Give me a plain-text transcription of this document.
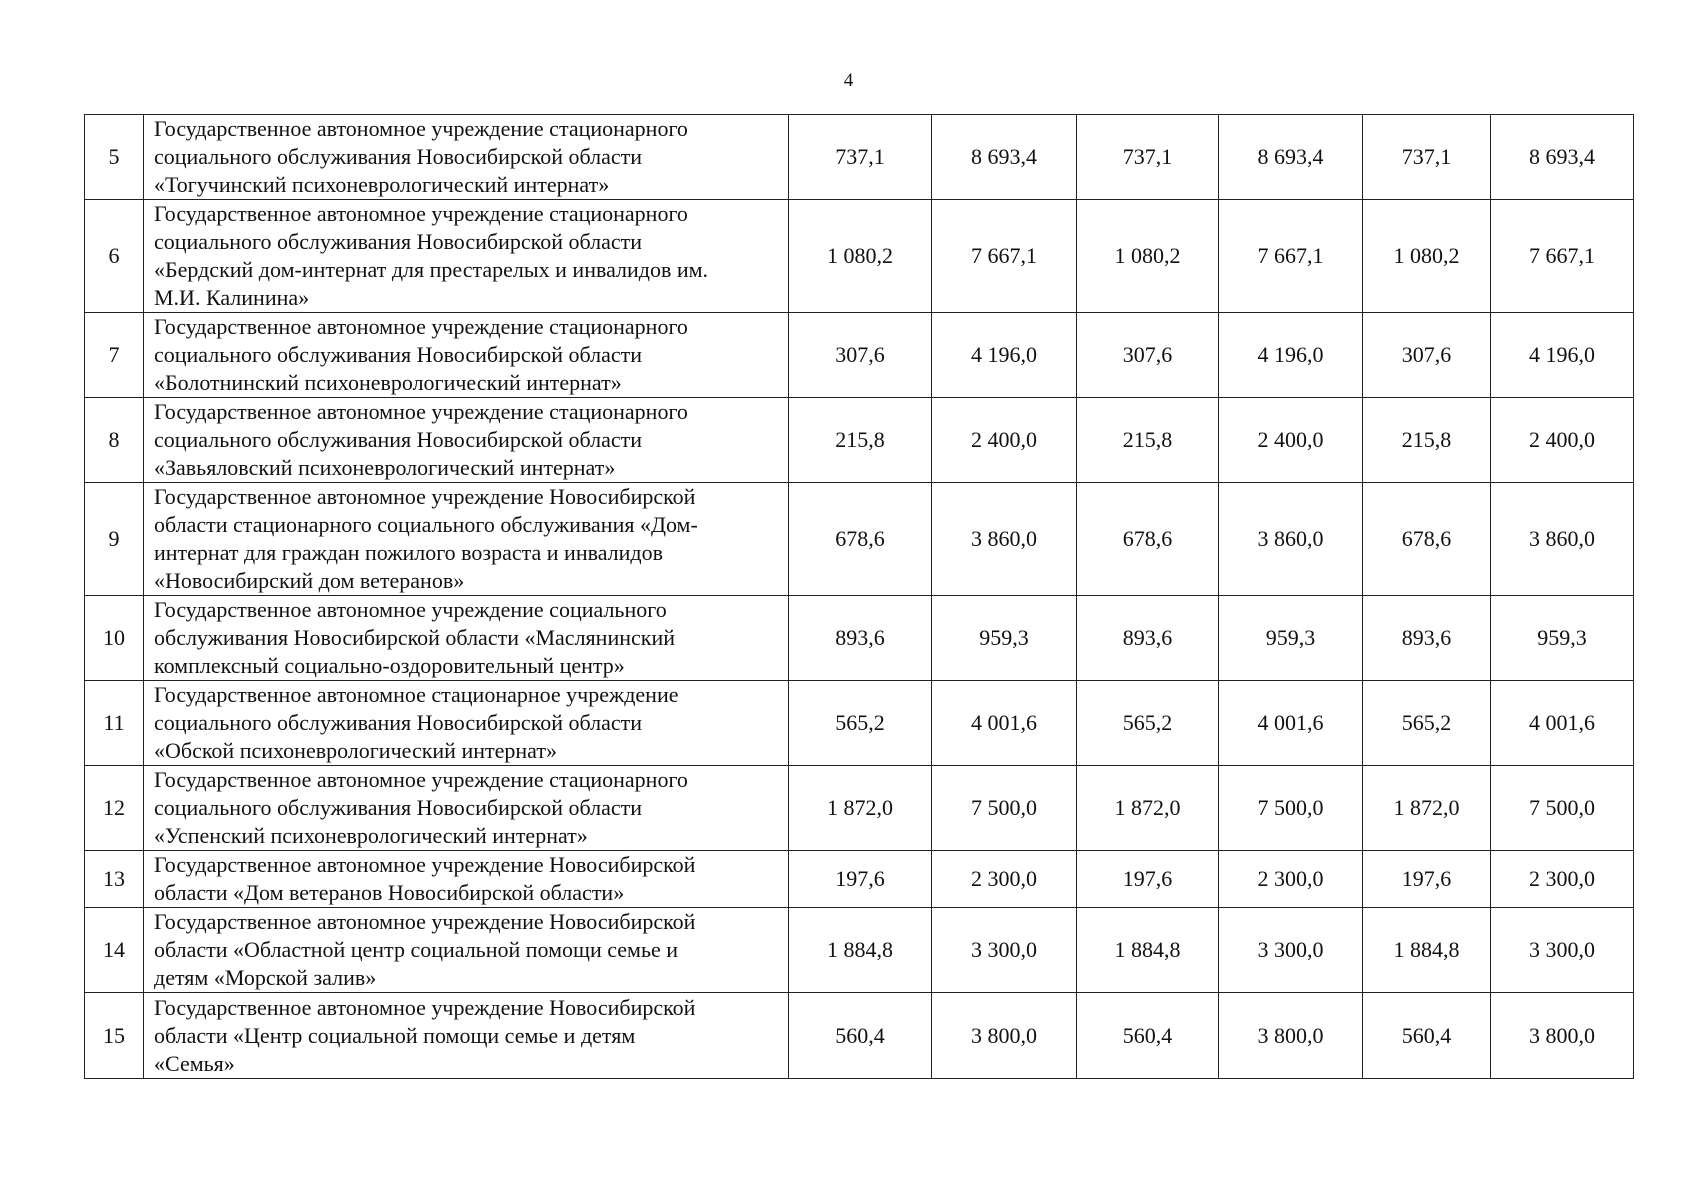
4
5	Государственное автономное учреждение стационарного
социального обслуживания Новосибирской области
«Тогучинский психоневрологический интернат»	737,1	8 693,4	737,1	8 693,4	737,1	8 693,4
6	Государственное автономное учреждение стационарного
социального обслуживания Новосибирской области
«Бердский дом-интернат для престарелых и инвалидов им.
М.И. Калинина»	1 080,2	7 667,1	1 080,2	7 667,1	1 080,2	7 667,1
7	Государственное автономное учреждение стационарного
социального обслуживания Новосибирской области
«Болотнинский психоневрологический интернат»	307,6	4 196,0	307,6	4 196,0	307,6	4 196,0
8	Государственное автономное учреждение стационарного
социального обслуживания Новосибирской области
«Завьяловский психоневрологический интернат»	215,8	2 400,0	215,8	2 400,0	215,8	2 400,0
9	Государственное автономное учреждение Новосибирской
области стационарного социального обслуживания «Дом-
интернат для граждан пожилого возраста и инвалидов
«Новосибирский дом ветеранов»	678,6	3 860,0	678,6	3 860,0	678,6	3 860,0
10	Государственное автономное учреждение социального
обслуживания Новосибирской области «Маслянинский
комплексный социально-оздоровительный центр»	893,6	959,3	893,6	959,3	893,6	959,3
11	Государственное автономное стационарное учреждение
социального обслуживания Новосибирской области
«Обской психоневрологический интернат»	565,2	4 001,6	565,2	4 001,6	565,2	4 001,6
12	Государственное автономное учреждение стационарного
социального обслуживания Новосибирской области
«Успенский психоневрологический интернат»	1 872,0	7 500,0	1 872,0	7 500,0	1 872,0	7 500,0
13	Государственное автономное учреждение Новосибирской
области «Дом ветеранов Новосибирской области»	197,6	2 300,0	197,6	2 300,0	197,6	2 300,0
14	Государственное автономное учреждение Новосибирской
области «Областной центр социальной помощи семье и
детям «Морской залив»	1 884,8	3 300,0	1 884,8	3 300,0	1 884,8	3 300,0
15	Государственное автономное учреждение Новосибирской
области «Центр социальной помощи семье и детям
«Семья»	560,4	3 800,0	560,4	3 800,0	560,4	3 800,0
